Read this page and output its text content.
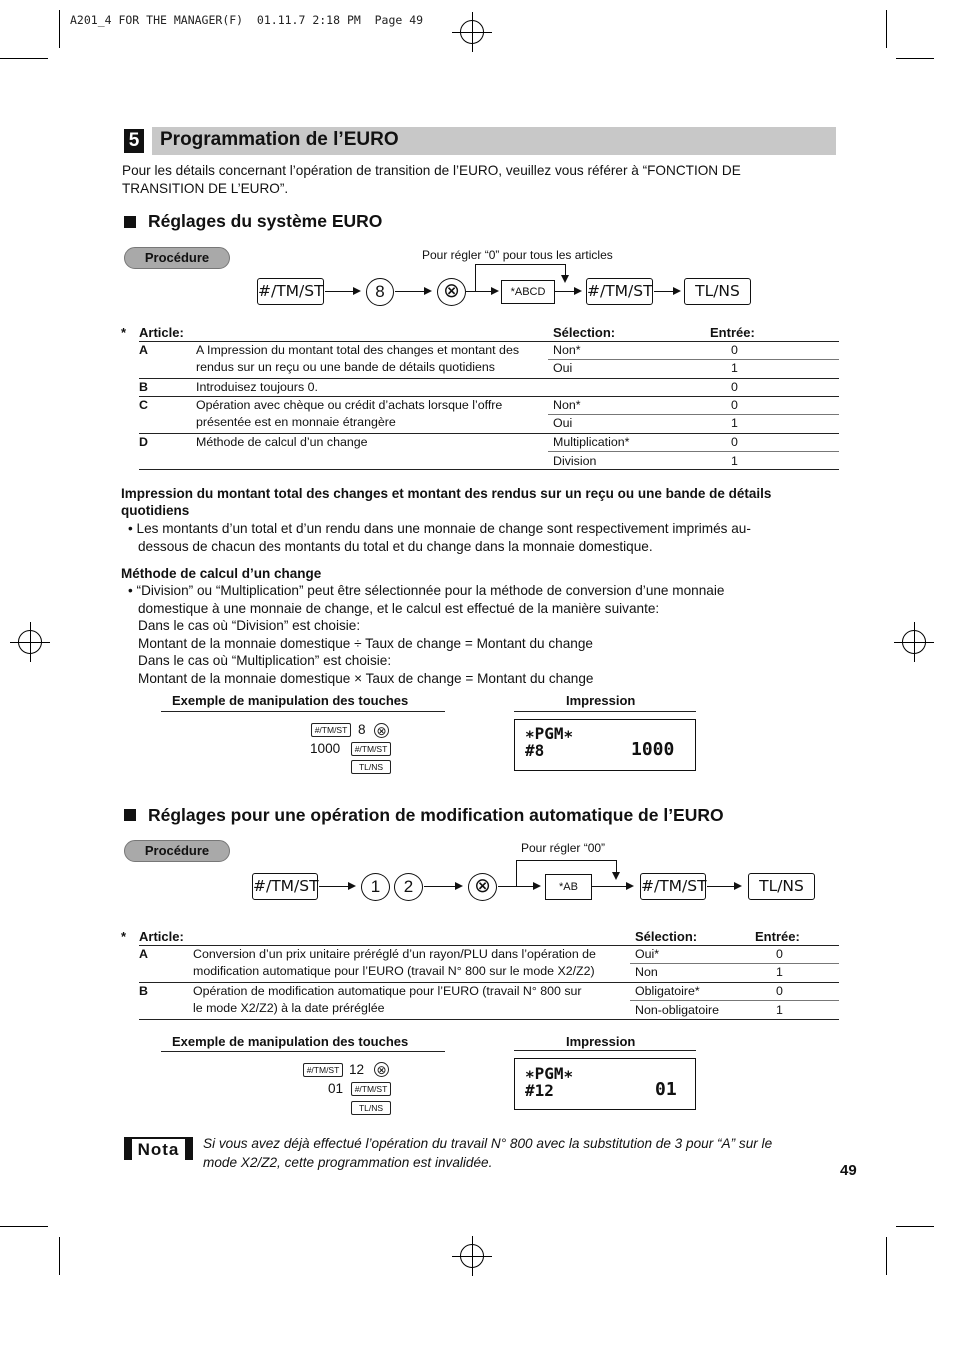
A201_4 FOR THE MANAGER(F)  01.11.7 2:18 PM  Page 49
5 Programmation de l’EURO
Pour les détails concernant l’opération de transition de l’EURO, veuillez vous référer à “FONCTION DE
TRANSITION DE L’EURO”.
Réglages du système EURO
Procédure	Pour régler “0” pour tous les articles
#/TM/ST	8	⊗	*ABCD	#/TM/ST	TL/NS
* Article:	Sélection:	Entrée:
A	A Impression du montant total des changes et montant des
rendus sur un reçu ou une bande de détails quotidiens
Non*	0
Oui	1
B	Introduisez toujours 0.	0
C	Opération avec chèque ou crédit d’achats lorsque l’offre
présentée est en monnaie étrangère
Non*	0
Oui	1
D	Méthode de calcul d’un change	Multiplication*	0
Division	1
Impression du montant total des changes et montant des rendus sur un reçu ou une bande de détails
quotidiens
• Les montants d’un total et d’un rendu dans une monnaie de change sont respectivement imprimés au-
dessous de chacun des montants du total et du change dans la monnaie domestique.
Méthode de calcul d’un change
• “Division” ou “Multiplication” peut être sélectionnée pour la méthode de conversion d’une monnaie
domestique à une monnaie de change, et le calcul est effectué de la manière suivante:
Dans le cas où “Division” est choisie:
Montant de la monnaie domestique ÷ Taux de change = Montant du change
Dans le cas où “Multiplication” est choisie:
Montant de la monnaie domestique × Taux de change = Montant du change
Exemple de manipulation des touches	Impression
#/TM/ST 8 ⊗
1000	#/TM/ST
TL/NS
∗PGM∗
#8	1000
Réglages pour une opération de modification automatique de l’EURO
Procédure	Pour régler “00”
#/TM/ST	1	2	⊗	*AB	#/TM/ST	TL/NS
* Article:	Sélection:	Entrée:
A	Conversion d’un prix unitaire préréglé d’un rayon/PLU dans l’opération de
modification automatique pour l’EURO (travail N° 800 sur le mode X2/Z2)
Oui*	0
Non	1
B	Opération de modification automatique pour l’EURO (travail N° 800 sur
le mode X2/Z2) à la date préréglée
Obligatoire*	0
Non-obligatoire	1
Exemple de manipulation des touches	Impression
#/TM/ST 12 ⊗
01	#/TM/ST
TL/NS
∗PGM∗
#12	01
Nota	Si vous avez déjà effectué l’opération du travail N° 800 avec la substitution de 3 pour “A” sur le
mode X2/Z2, cette programmation est invalidée.	49
